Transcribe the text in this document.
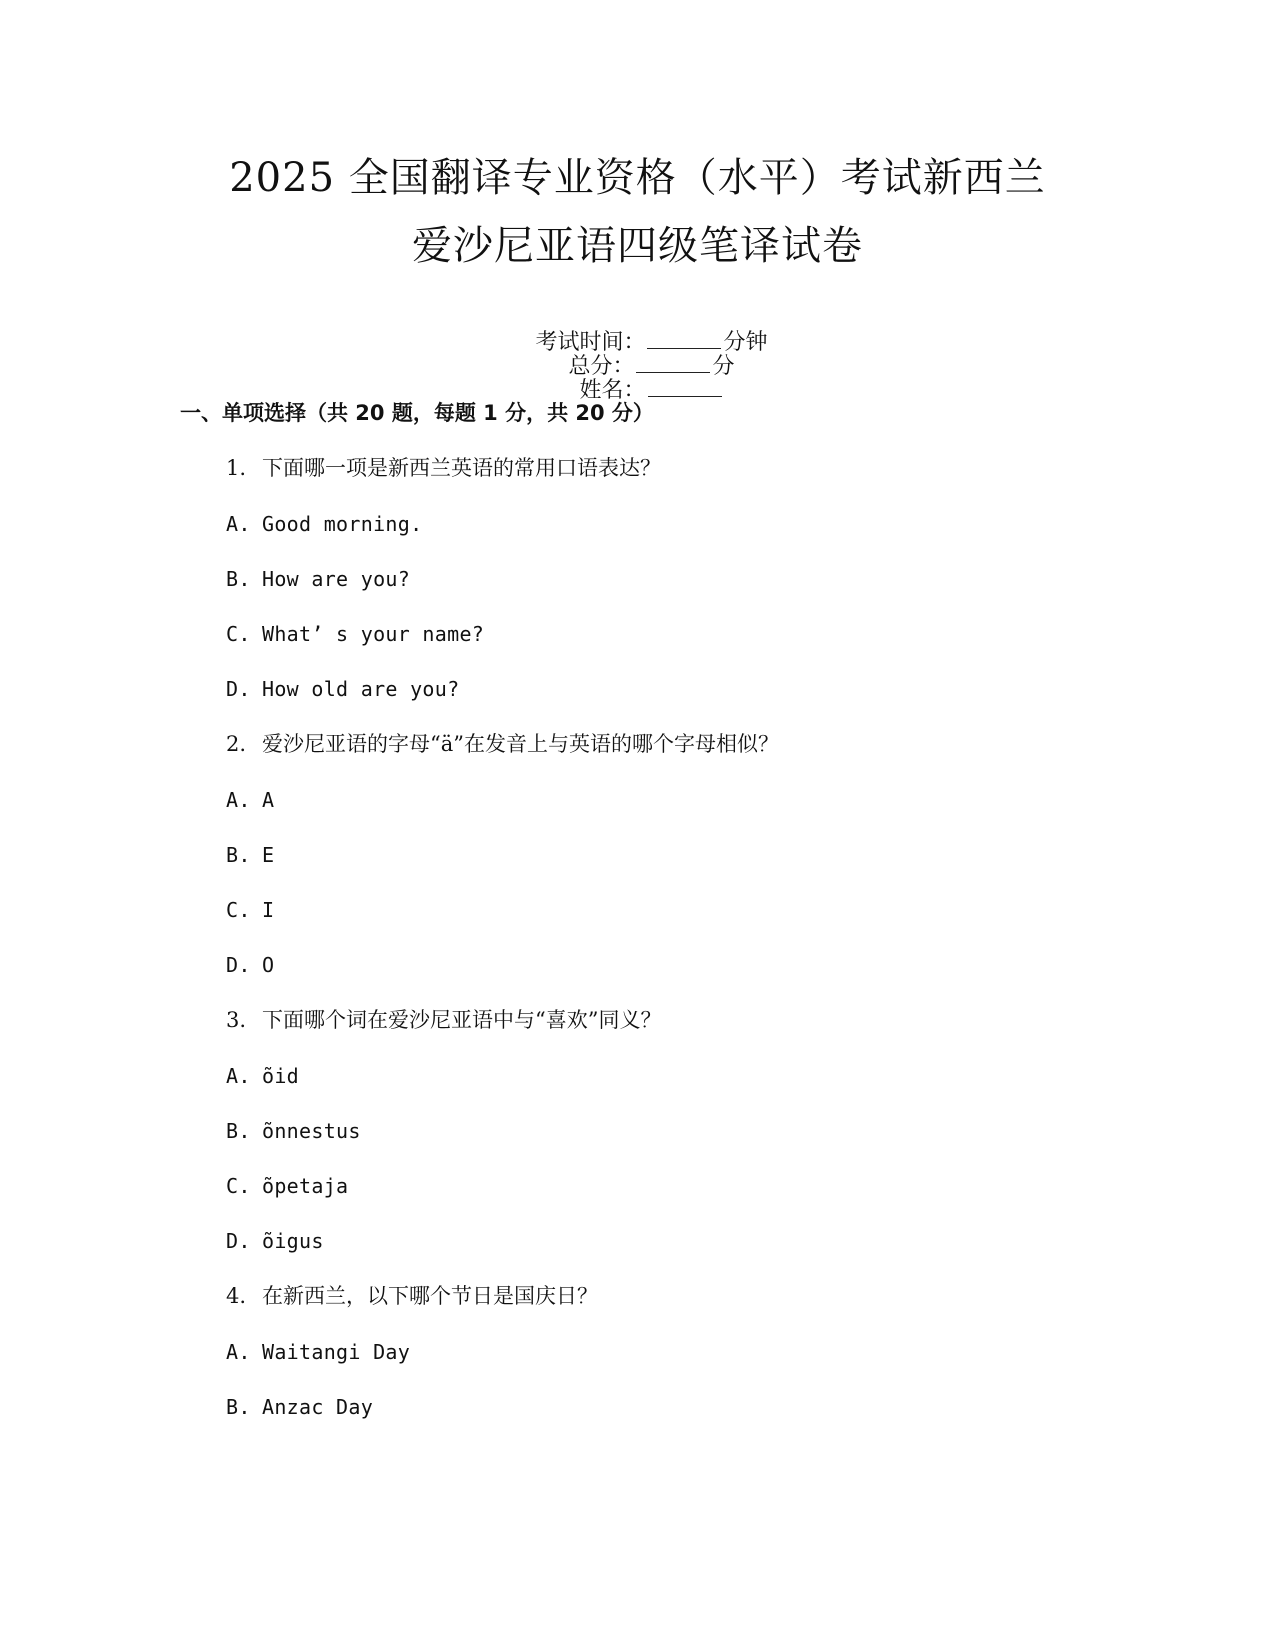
2025 全国翻译专业资格（水平）考试新西兰
爱沙尼亚语四级笔译试卷

考试时间：	分钟
总分：	分
姓名：

一、单项选择（共 20 题，每题 1 分，共 20 分）
1. 下面哪一项是新西兰英语的常用口语表达？
A. Good morning.
B. How are you?
C. What’ s your name?
D. How old are you?
2. 爱沙尼亚语的字母“ä”在发音上与英语的哪个字母相似？
A. A
B. E
C. I
D. O
3. 下面哪个词在爱沙尼亚语中与“喜欢”同义？
A. õid
B. õnnestus
C. õpetaja
D. õigus
4. 在新西兰，以下哪个节日是国庆日？
A. Waitangi Day
B. Anzac Day
